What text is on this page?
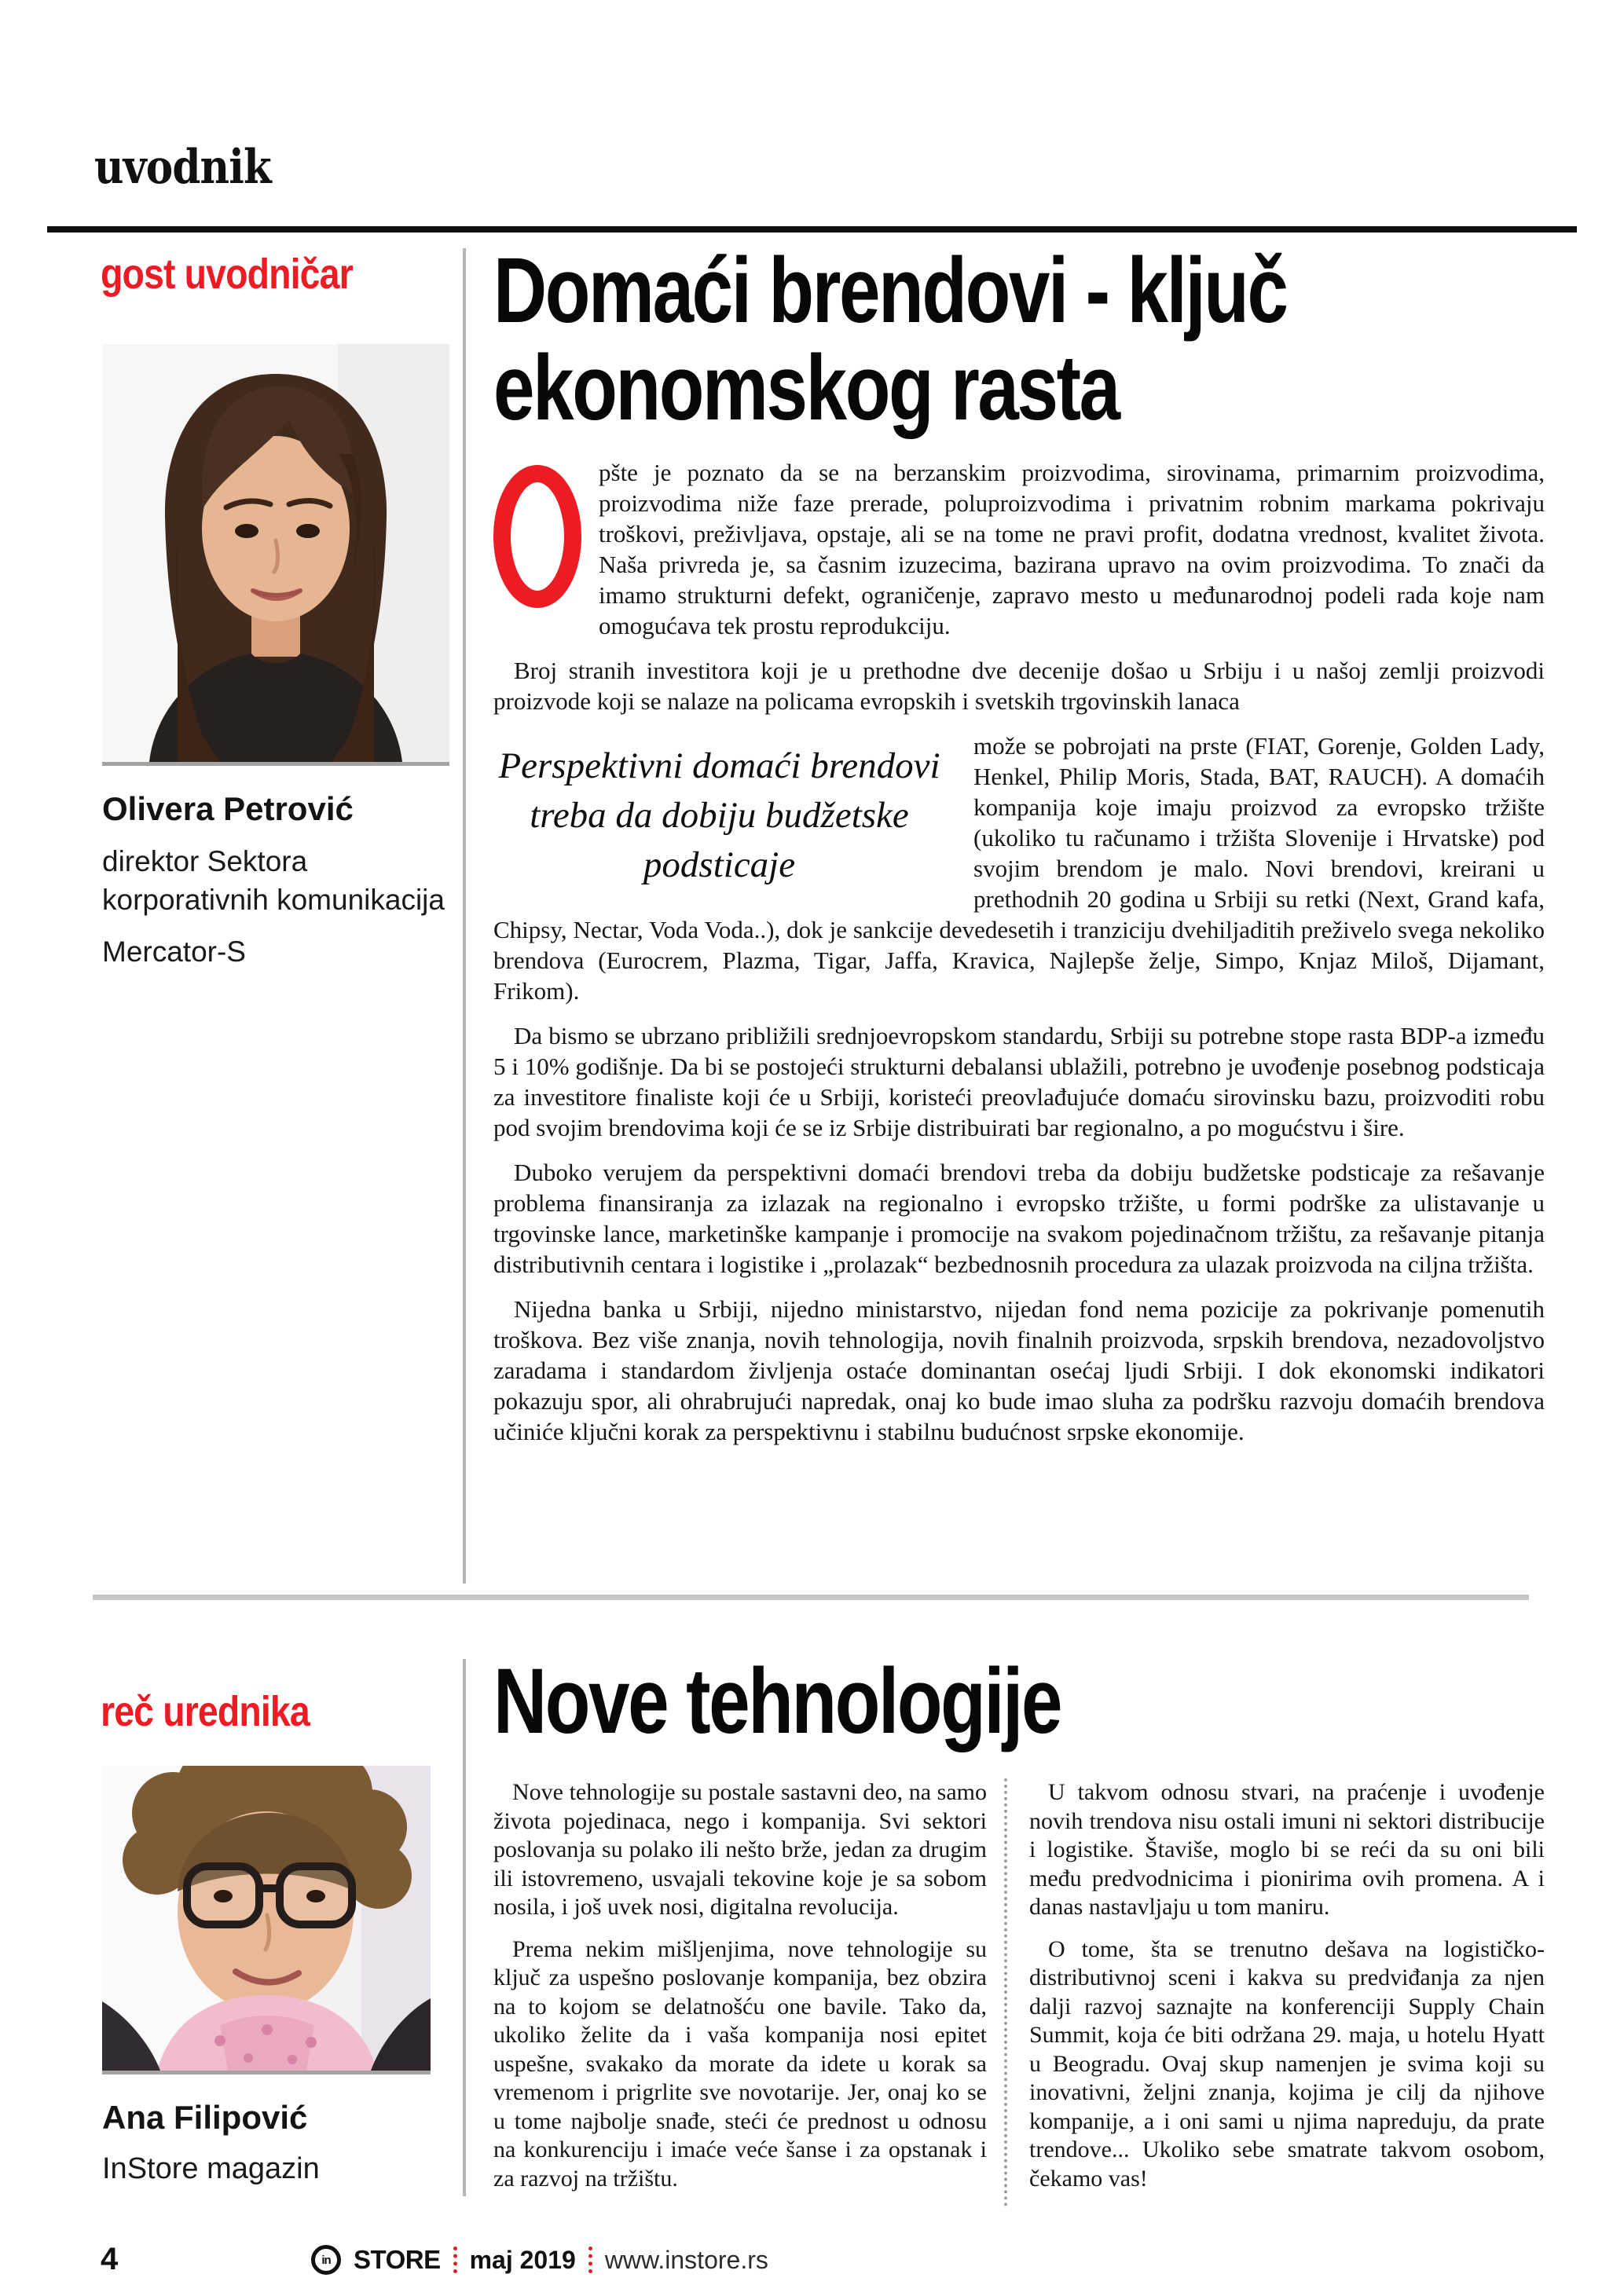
uvodnik
gost uvodničar
Olivera Petrović
direktor Sektora korporativnih komunikacija
Mercator-S
Domaći brendovi - ključ
ekonomskog rasta

pšte je poznato da se na berzanskim proizvodima, sirovinama, primarnim proizvodima, proizvodima niže faze prerade, poluproizvodima i privatnim robnim markama pokrivaju troškovi, preživljava, opstaje, ali se na tome ne pravi profit, dodatna vrednost, kvalitet života. Naša privreda je, sa časnim izuzecima, bazirana upravo na ovim proizvodima. To znači da imamo strukturni defekt, ograničenje, zapravo mesto u međunarodnoj podeli rada koje nam omogućava tek prostu reprodukciju.

Broj stranih investitora koji je u prethodne dve decenije došao u Srbiju i u našoj zemlji proizvodi proizvode koji se nalaze na policama evropskih i svetskih trgovinskih lanaca

Perspektivni domaći brendovi treba da dobiju budžetske podsticaje

može se pobrojati na prste (FIAT, Gorenje, Golden Lady, Henkel, Philip Moris, Stada, BAT, RAUCH). A domaćih kompanija koje imaju proizvod za evropsko tržište (ukoliko tu računamo i tržišta Slovenije i Hrvatske) pod svojim brendom je malo. Novi brendovi, kreirani u prethodnih 20 godina u Srbiji su retki (Next, Grand kafa, Chipsy, Nectar, Voda Voda..), dok je sankcije devedesetih i tranziciju dvehiljaditih preživelo svega nekoliko brendova (Eurocrem, Plazma, Tigar, Jaffa, Kravica, Najlepše želje, Simpo, Knjaz Miloš, Dijamant, Frikom).

Da bismo se ubrzano približili srednjoevropskom standardu, Srbiji su potrebne stope rasta BDP-a između 5 i 10% godišnje. Da bi se postojeći strukturni debalansi ublažili, potrebno je uvođenje posebnog podsticaja za investitore finaliste koji će u Srbiji, koristeći preovlađujuće domaću sirovinsku bazu, proizvoditi robu pod svojim brendovima koji će se iz Srbije distribuirati bar regionalno, a po mogućstvu i šire.

Duboko verujem da perspektivni domaći brendovi treba da dobiju budžetske podsticaje za rešavanje problema finansiranja za izlazak na regionalno i evropsko tržište, u formi podrške za ulistavanje u trgovinske lance, marketinške kampanje i promocije na svakom pojedinačnom tržištu, za rešavanje pitanja distributivnih centara i logistike i „prolazak“ bezbednosnih procedura za ulazak proizvoda na ciljna tržišta.

Nijedna banka u Srbiji, nijedno ministarstvo, nijedan fond nema pozicije za pokrivanje pomenutih troškova. Bez više znanja, novih tehnologija, novih finalnih proizvoda, srpskih brendova, nezadovoljstvo zaradama i standardom življenja ostaće dominantan osećaj ljudi Srbiji. I dok ekonomski indikatori pokazuju spor, ali ohrabrujući napredak, onaj ko bude imao sluha za podršku razvoju domaćih brendova učiniće ključni korak za perspektivnu i stabilnu budućnost srpske ekonomije.

reč urednika
Ana Filipović
InStore magazin
Nove tehnologije

Nove tehnologije su postale sastavni deo, na samo života pojedinaca, nego i kompanija. Svi sektori poslovanja su polako ili nešto brže, jedan za drugim ili istovremeno, usvajali tekovine koje je sa sobom nosila, i još uvek nosi, digitalna revolucija.

Prema nekim mišljenjima, nove tehnologije su ključ za uspešno poslovanje kompanija, bez obzira na to kojom se delatnošću one bavile. Tako da, ukoliko želite da i vaša kompanija nosi epitet uspešne, svakako da morate da idete u korak sa vremenom i prigrlite sve novotarije. Jer, onaj ko se u tome najbolje snađe, steći će prednost u odnosu na konkurenciju i imaće veće šanse i za opstanak i za razvoj na tržištu.

U takvom odnosu stvari, na praćenje i uvođenje novih trendova nisu ostali imuni ni sektori distribucije i logistike. Štaviše, moglo bi se reći da su oni bili među predvodnicima i pionirima ovih promena. A i danas nastavljaju u tom maniru.

O tome, šta se trenutno dešava na logističko-distributivnoj sceni i kakva su predviđanja za njen dalji razvoj saznajte na konferenciji Supply Chain Summit, koja će biti održana 29. maja, u hotelu Hyatt u Beogradu. Ovaj skup namenjen je svima koji su inovativni, željni znanja, kojima je cilj da njihove kompanije, a i oni sami u njima napreduju, da prate trendove... Ukoliko sebe smatrate takvom osobom, čekamo vas!

4	in STORE maj 2019 www.instore.rs
